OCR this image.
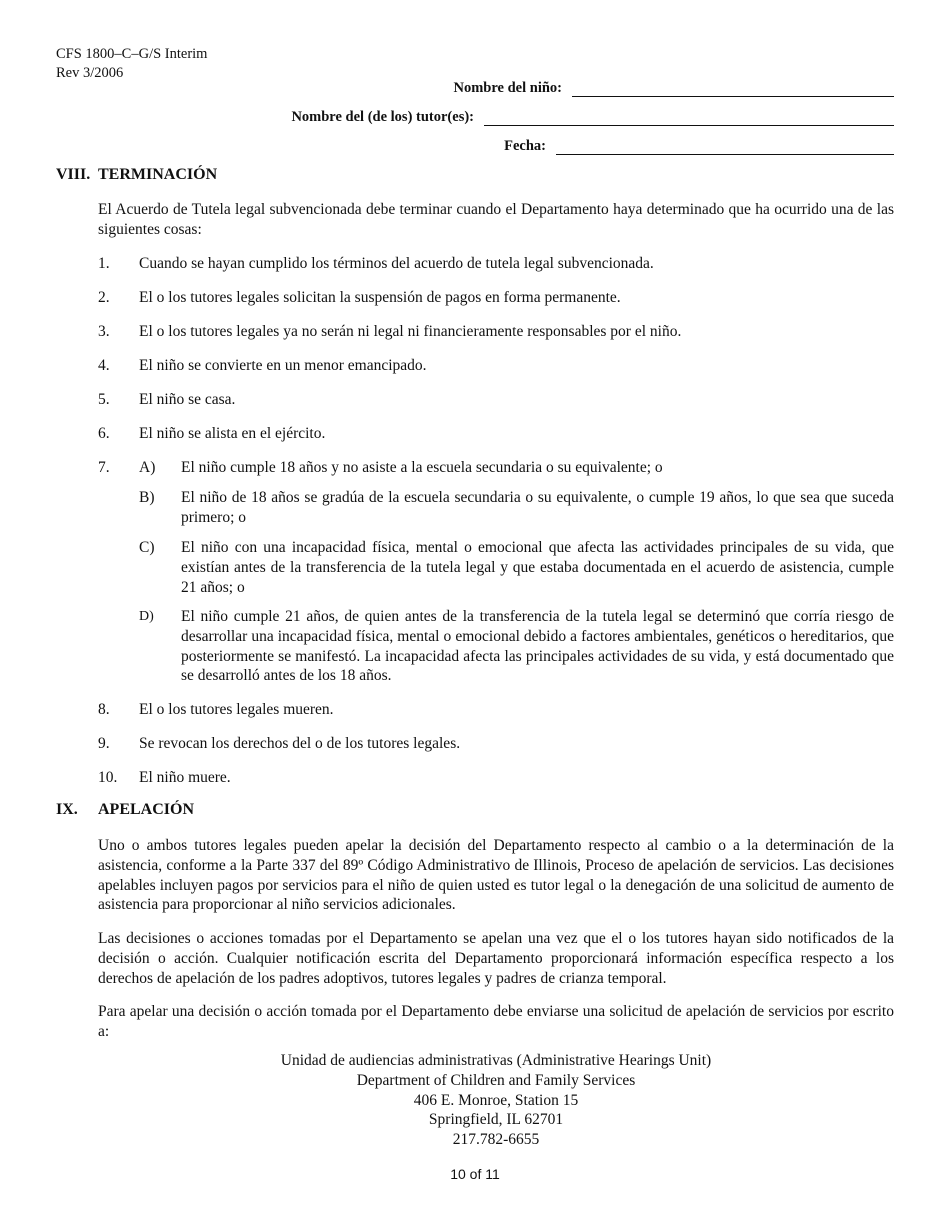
CFS 1800–C–G/S Interim
Rev 3/2006
Nombre del niño:
Nombre del (de los) tutor(es):
Fecha:
VIII. TERMINACIÓN
El Acuerdo de Tutela legal subvencionada debe terminar cuando el Departamento haya determinado que ha ocurrido una de las siguientes cosas:
1.	Cuando se hayan cumplido los términos del acuerdo de tutela legal subvencionada.
2.	El o los tutores legales solicitan la suspensión de pagos en forma permanente.
3.	El o los tutores legales ya no serán ni legal ni financieramente responsables por el niño.
4.	El niño se convierte en un menor emancipado.
5.	El niño se casa.
6.	El niño se alista en el ejército.
7.	A)	El niño cumple 18 años y no asiste a la escuela secundaria o su equivalente; o
B)	El niño de 18 años se gradúa de la escuela secundaria o su equivalente, o cumple 19 años, lo que sea que suceda primero; o
C)	El niño con una incapacidad física, mental o emocional que afecta las actividades principales de su vida, que existían antes de la transferencia de la tutela legal y que estaba documentada en el acuerdo de asistencia, cumple 21 años; o
D)	El niño cumple 21 años, de quien antes de la transferencia de la tutela legal se determinó que corría riesgo de desarrollar una incapacidad física, mental o emocional debido a factores ambientales, genéticos o hereditarios, que posteriormente se manifestó. La incapacidad afecta las principales actividades de su vida, y está documentado que se desarrolló antes de los 18 años.
8.	El o los tutores legales mueren.
9.	Se revocan los derechos del o de los tutores legales.
10.	El niño muere.
IX. APELACIÓN
Uno o ambos tutores legales pueden apelar la decisión del Departamento respecto al cambio o a la determinación de la asistencia, conforme a la Parte 337 del 89º Código Administrativo de Illinois, Proceso de apelación de servicios. Las decisiones apelables incluyen pagos por servicios para el niño de quien usted es tutor legal o la denegación de una solicitud de aumento de asistencia para proporcionar al niño servicios adicionales.
Las decisiones o acciones tomadas por el Departamento se apelan una vez que el o los tutores hayan sido notificados de la decisión o acción. Cualquier notificación escrita del Departamento proporcionará información específica respecto a los derechos de apelación de los padres adoptivos, tutores legales y padres de crianza temporal.
Para apelar una decisión o acción tomada por el Departamento debe enviarse una solicitud de apelación de servicios por escrito a:
Unidad de audiencias administrativas (Administrative Hearings Unit)
Department of Children and Family Services
406 E. Monroe, Station 15
Springfield, IL 62701
217.782-6655
10 of 11
